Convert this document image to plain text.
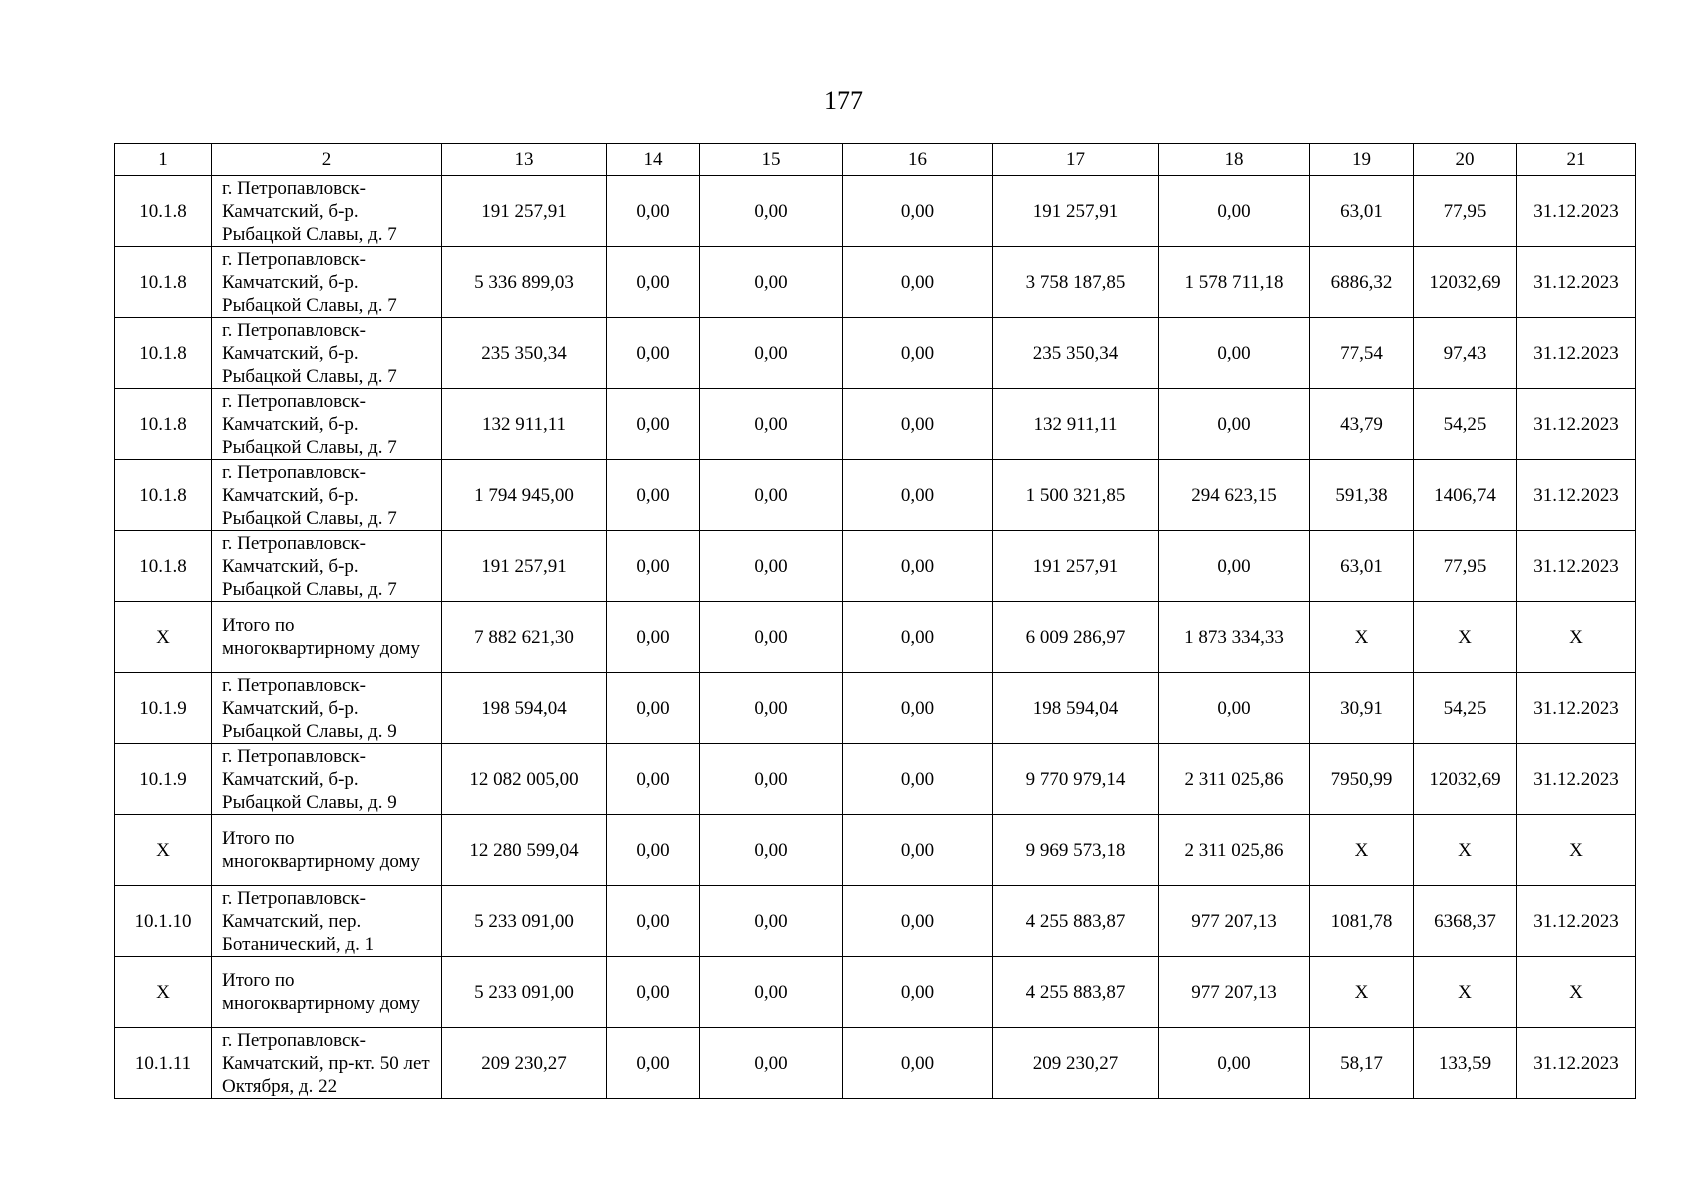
177
1	2	13	14	15	16	17	18	19	20	21
10.1.8	г. Петропавловск-Камчатский, б-р. Рыбацкой Славы, д. 7	191 257,91	0,00	0,00	0,00	191 257,91	0,00	63,01	77,95	31.12.2023
10.1.8	г. Петропавловск-Камчатский, б-р. Рыбацкой Славы, д. 7	5 336 899,03	0,00	0,00	0,00	3 758 187,85	1 578 711,18	6886,32	12032,69	31.12.2023
10.1.8	г. Петропавловск-Камчатский, б-р. Рыбацкой Славы, д. 7	235 350,34	0,00	0,00	0,00	235 350,34	0,00	77,54	97,43	31.12.2023
10.1.8	г. Петропавловск-Камчатский, б-р. Рыбацкой Славы, д. 7	132 911,11	0,00	0,00	0,00	132 911,11	0,00	43,79	54,25	31.12.2023
10.1.8	г. Петропавловск-Камчатский, б-р. Рыбацкой Славы, д. 7	1 794 945,00	0,00	0,00	0,00	1 500 321,85	294 623,15	591,38	1406,74	31.12.2023
10.1.8	г. Петропавловск-Камчатский, б-р. Рыбацкой Славы, д. 7	191 257,91	0,00	0,00	0,00	191 257,91	0,00	63,01	77,95	31.12.2023
X	Итого по многоквартирному дому	7 882 621,30	0,00	0,00	0,00	6 009 286,97	1 873 334,33	X	X	X
10.1.9	г. Петропавловск-Камчатский, б-р. Рыбацкой Славы, д. 9	198 594,04	0,00	0,00	0,00	198 594,04	0,00	30,91	54,25	31.12.2023
10.1.9	г. Петропавловск-Камчатский, б-р. Рыбацкой Славы, д. 9	12 082 005,00	0,00	0,00	0,00	9 770 979,14	2 311 025,86	7950,99	12032,69	31.12.2023
X	Итого по многоквартирному дому	12 280 599,04	0,00	0,00	0,00	9 969 573,18	2 311 025,86	X	X	X
10.1.10	г. Петропавловск-Камчатский, пер. Ботанический, д. 1	5 233 091,00	0,00	0,00	0,00	4 255 883,87	977 207,13	1081,78	6368,37	31.12.2023
X	Итого по многоквартирному дому	5 233 091,00	0,00	0,00	0,00	4 255 883,87	977 207,13	X	X	X
10.1.11	г. Петропавловск-Камчатский, пр-кт. 50 лет Октября, д. 22	209 230,27	0,00	0,00	0,00	209 230,27	0,00	58,17	133,59	31.12.2023
